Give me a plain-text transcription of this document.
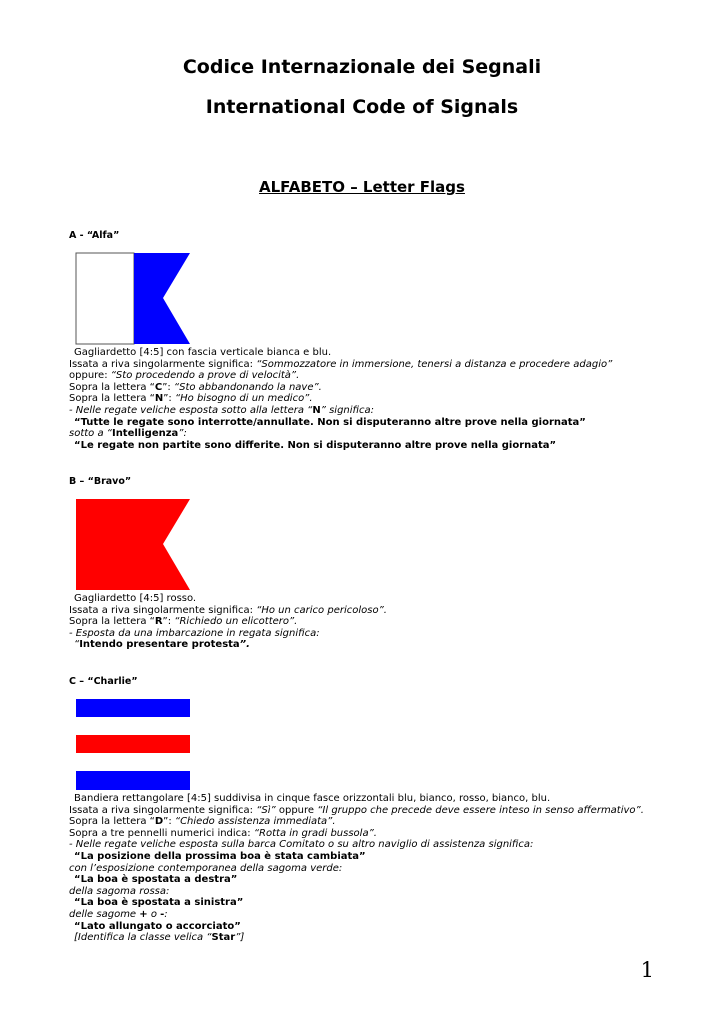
Codice Internazionale dei Segnali
International Code of Signals
ALFABETO – Letter Flags
A - “Alfa”
Gagliardetto [4:5] con fascia verticale bianca e blu.
Issata a riva singolarmente significa: “Sommozzatore in immersione, tenersi a distanza e procedere adagio”
oppure: “Sto procedendo a prove di velocità”.
Sopra la lettera “C”: “Sto abbandonando la nave”.
Sopra la lettera “N”: “Ho bisogno di un medico”.
- Nelle regate veliche esposta sotto alla lettera “N” significa:
“Tutte le regate sono interrotte/annullate. Non si disputeranno altre prove nella giornata”
sotto a “Intelligenza”:
“Le regate non partite sono differite. Non si disputeranno altre prove nella giornata”
B – “Bravo”
Gagliardetto [4:5] rosso.
Issata a riva singolarmente significa: “Ho un carico pericoloso”.
Sopra la lettera “R”: “Richiedo un elicottero”.
- Esposta da una imbarcazione in regata significa:
“Intendo presentare protesta”.
C – “Charlie”
Bandiera rettangolare [4:5] suddivisa in cinque fasce orizzontali blu, bianco, rosso, bianco, blu.
Issata a riva singolarmente significa: “Sì” oppure “Il gruppo che precede deve essere inteso in senso affermativo”.
Sopra la lettera “D”: “Chiedo assistenza immediata”.
Sopra a tre pennelli numerici indica: “Rotta in gradi bussola”.
- Nelle regate veliche esposta sulla barca Comitato o su altro naviglio di assistenza significa:
“La posizione della prossima boa è stata cambiata”
con l’esposizione contemporanea della sagoma verde:
“La boa è spostata a destra”
della sagoma rossa:
“La boa è spostata a sinistra”
delle sagome + o -:
“Lato allungato o accorciato”
[Identifica la classe velica “Star”]
1
